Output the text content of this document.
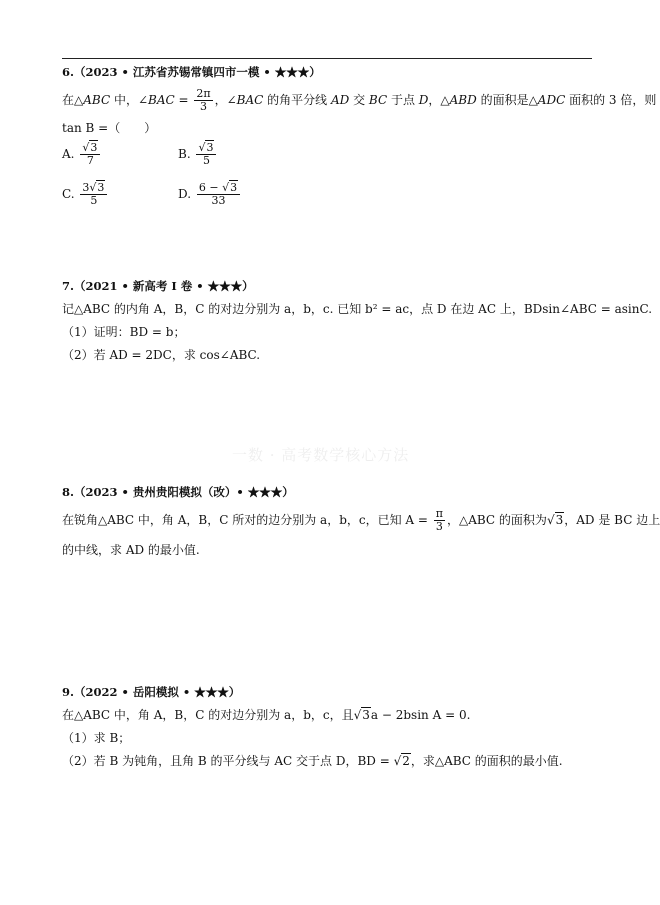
一数 · 高考数学核心方法
6.（2023 • 江苏省苏锡常镇四市一模 • ★★★）
在△ABC 中，∠BAC = $\frac{2\pi}{3}$ ，∠BAC 的角平分线 AD 交 BC 于点 D，△ABD 的面积是△ADC 面积的 3 倍，则
tan B =（　　）
A. $\frac{√3}{7}$	B. $\frac{√3}{5}$
C. $\frac{3√3}{5}$	D. $\frac{6 - √3}{33}$
7.（2021 • 新高考 Ⅰ 卷 • ★★★）
记△ABC 的内角 A，B，C 的对边分别为 a，b，c. 已知 b² = ac，点 D 在边 AC 上，BDsin∠ABC = asinC.
（1）证明：BD = b；
（2）若 AD = 2DC，求 cos∠ABC.
8.（2023 • 贵州贵阳模拟（改）• ★★★）
在锐角△ABC 中，角 A，B，C 所对的边分别为 a，b，c，已知 $A = \frac{\pi}{3}$ ，△ABC 的面积为√3，AD 是 BC 边上
的中线，求 AD 的最小值.
9.（2022 • 岳阳模拟 • ★★★）
在△ABC 中，角 A，B，C 的对边分别为 a，b，c，且√3a − 2bsin A = 0.
（1）求 B；
（2）若 B 为钝角，且角 B 的平分线与 AC 交于点 D，BD = √2，求△ABC 的面积的最小值.
